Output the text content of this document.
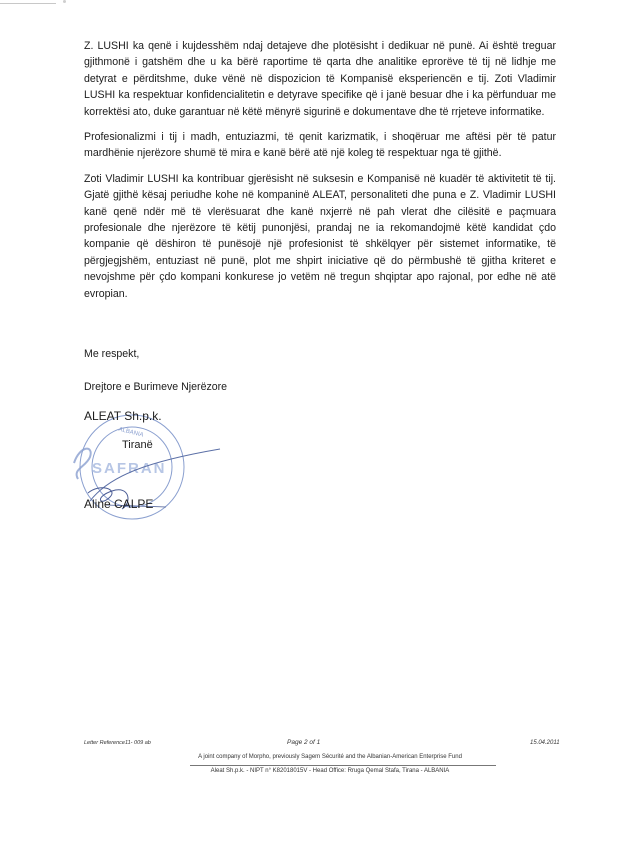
Z. LUSHI ka qenë i kujdesshëm ndaj detajeve dhe plotësisht i dedikuar në punë. Ai është treguar gjithmonë i gatshëm dhe u ka bërë raportime të qarta dhe analitike eprorëve të tij në lidhje me detyrat e përditshme, duke vënë në dispozicion të Kompanisë eksperiencën e tij. Zoti Vladimir LUSHI ka respektuar konfidencialitetin e detyrave specifike që i janë besuar dhe i ka përfunduar me korrektësi ato, duke garantuar në këtë mënyrë sigurinë e dokumentave dhe të rrjeteve informatike.

Profesionalizmi i tij i madh, entuziazmi, të qenit karizmatik, i shoqëruar me aftësi për të patur mardhënie njerëzore shumë të mira e kanë bërë atë një koleg të respektuar nga të gjithë.

Zoti Vladimir LUSHI ka kontribuar gjerësisht në suksesin e Kompanisë në kuadër të aktivitetit të tij. Gjatë gjithë kësaj periudhe kohe në kompaninë ALEAT, personaliteti dhe puna e Z. Vladimir LUSHI kanë qenë ndër më të vlerësuarat dhe kanë nxjerrë në pah vlerat dhe cilësitë e paçmuara profesionale dhe njerëzore të këtij punonjësi, prandaj ne ia rekomandojmë këtë kandidat çdo kompanie që dëshiron të punësojë një profesionist të shkëlqyer për sistemet informatike, të përgjegjshëm, entuziast në punë, plot me shpirt iniciative që do përmbushë të gjitha kriteret e nevojshme për çdo kompani konkurese jo vetëm në tregun shqiptar apo rajonal, por edhe në atë evropian.

Me respekt,
Drejtore e Burimeve Njerëzore
ALBANIA
SAFRAN
ALEAT Sh.p.k.
Tiranë
Aline CALPE
Letter Reference11- 009 ab	Page 2 of 1	15.04.2011
A joint company of Morpho, previously Sagem Sécurité and the Albanian-American Enterprise Fund
Aleat Sh.p.k. - NIPT n° K82018015V - Head Office: Rruga Qemal Stafa, Tirana - ALBANIA
